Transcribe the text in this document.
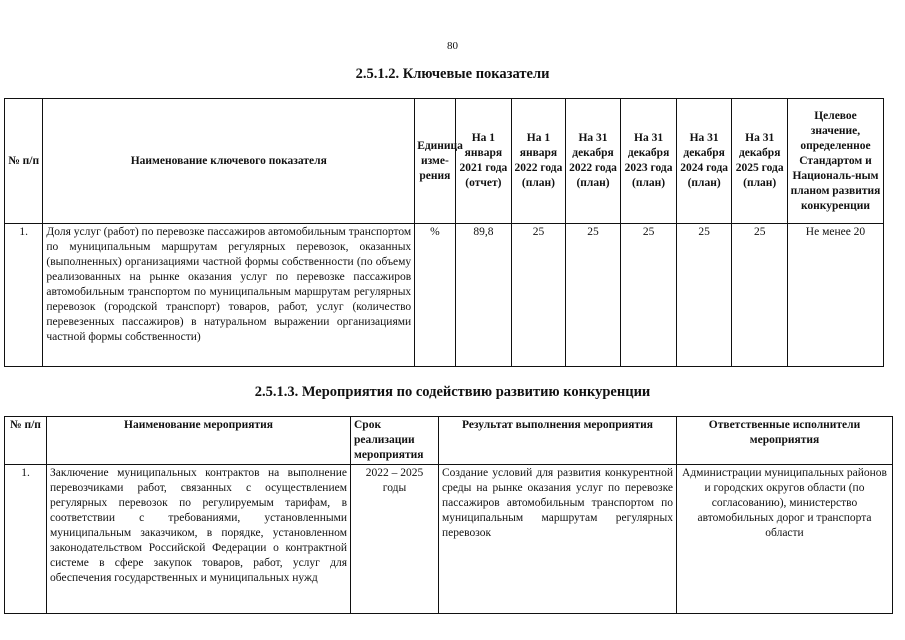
80
2.5.1.2. Ключевые показатели
№ п/п	Наименование ключевого показателя	Единица изме-рения	На 1 января 2021 года (отчет)	На 1 января 2022 года (план)	На 31 декабря 2022 года (план)	На 31 декабря 2023 года (план)	На 31 декабря 2024 года (план)	На 31 декабря 2025 года (план)	Целевое значение, определенное Стандартом и Националь-ным планом развития конкуренции
1.	Доля услуг (работ) по перевозке пассажиров автомобильным транспортом по муниципальным маршрутам регулярных перевозок, оказанных (выполненных) организациями частной формы собственности (по объему реализованных на рынке оказания услуг по перевозке пассажиров автомобильным транспортом по муниципальным маршрутам регулярных перевозок (городской транспорт) товаров, работ, услуг (количество перевезенных пассажиров) в натуральном выражении организациями частной формы собственности)	%	89,8	25	25	25	25	25	Не менее 20
2.5.1.3. Мероприятия по содействию развитию конкуренции
№ п/п	Наименование мероприятия	Срок реализации мероприятия	Результат выполнения мероприятия	Ответственные исполнители мероприятия
1.	Заключение муниципальных контрактов на выполнение перевозчиками работ, связанных с осуществлением регулярных перевозок по регулируемым тарифам, в соответствии с требованиями, установленными муниципальным заказчиком, в порядке, установленном законодательством Российской Федерации о контрактной системе в сфере закупок товаров, работ, услуг для обеспечения государственных и муниципальных нужд	2022 – 2025 годы	Создание условий для развития конкурентной среды на рынке оказания услуг по перевозке пассажиров автомобильным транспортом по муниципальным маршрутам регулярных перевозок	Администрации муниципальных районов и городских округов области (по согласованию), министерство автомобильных дорог и транспорта области
